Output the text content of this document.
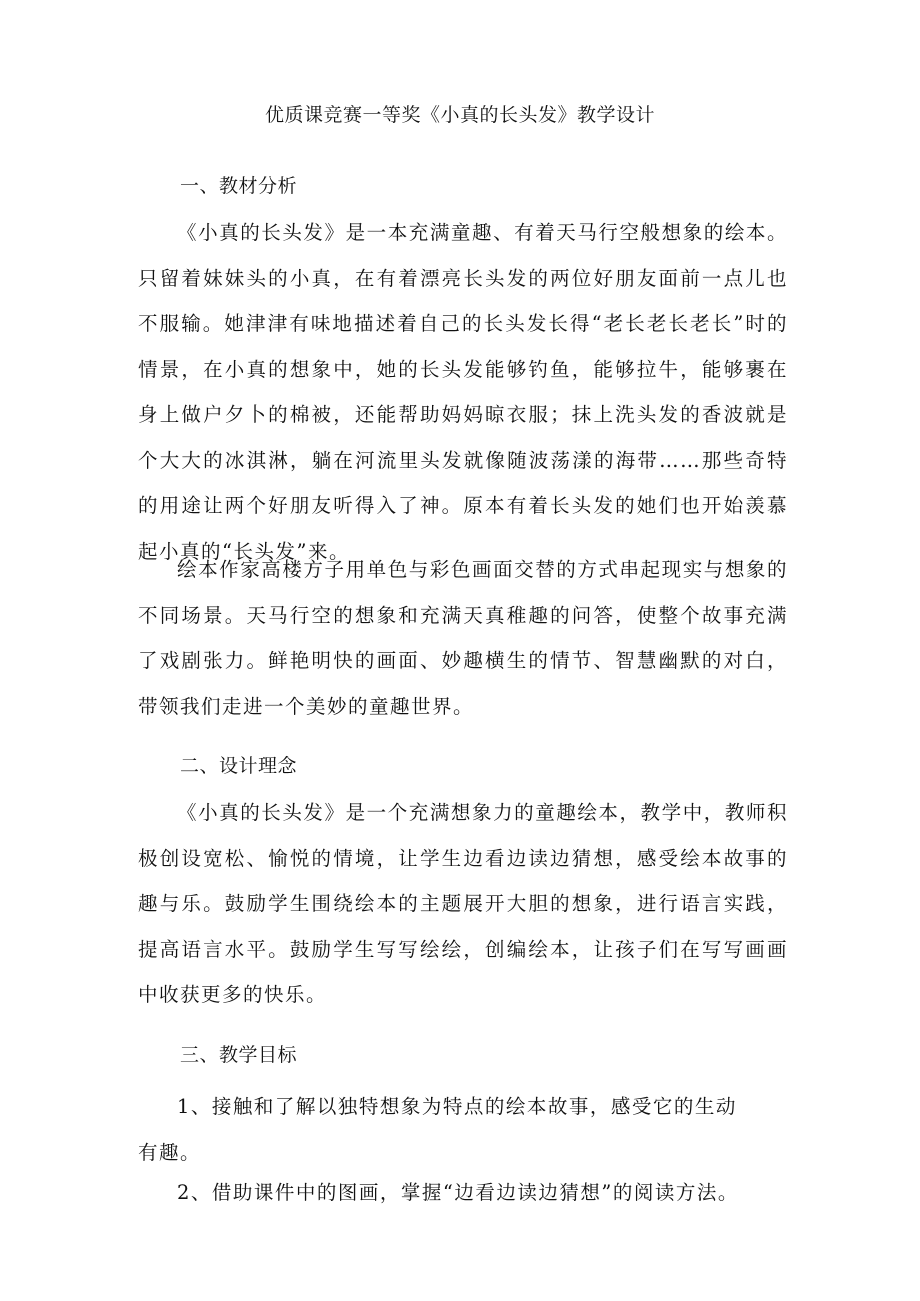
优质课竞赛一等奖《小真的长头发》教学设计
一、教材分析

《小真的长头发》是一本充满童趣、有着天马行空般想象的绘本。只留着妹妹头的小真，在有着漂亮长头发的两位好朋友面前一点儿也不服输。她津津有味地描述着自己的长头发长得“老长老长老长”时的情景，在小真的想象中，她的长头发能够钓鱼，能够拉牛，能够裹在身上做户夕卜的棉被，还能帮助妈妈晾衣服；抹上洗头发的香波就是个大大的冰淇淋，躺在河流里头发就像随波荡漾的海带……那些奇特的用途让两个好朋友听得入了神。原本有着长头发的她们也开始羡慕起小真的“长头发”来。

绘本作家高楼方子用单色与彩色画面交替的方式串起现实与想象的不同场景。天马行空的想象和充满天真稚趣的问答，使整个故事充满了戏剧张力。鲜艳明快的画面、妙趣横生的情节、智慧幽默的对白，带领我们走进一个美妙的童趣世界。

二、设计理念

《小真的长头发》是一个充满想象力的童趣绘本，教学中，教师积极创设宽松、愉悦的情境，让学生边看边读边猜想，感受绘本故事的趣与乐。鼓励学生围绕绘本的主题展开大胆的想象，进行语言实践，提高语言水平。鼓励学生写写绘绘，创编绘本，让孩子们在写写画画中收获更多的快乐。

三、教学目标

1、接触和了解以独特想象为特点的绘本故事，感受它的生动有趣。

2、借助课件中的图画，掌握“边看边读边猜想”的阅读方法。
